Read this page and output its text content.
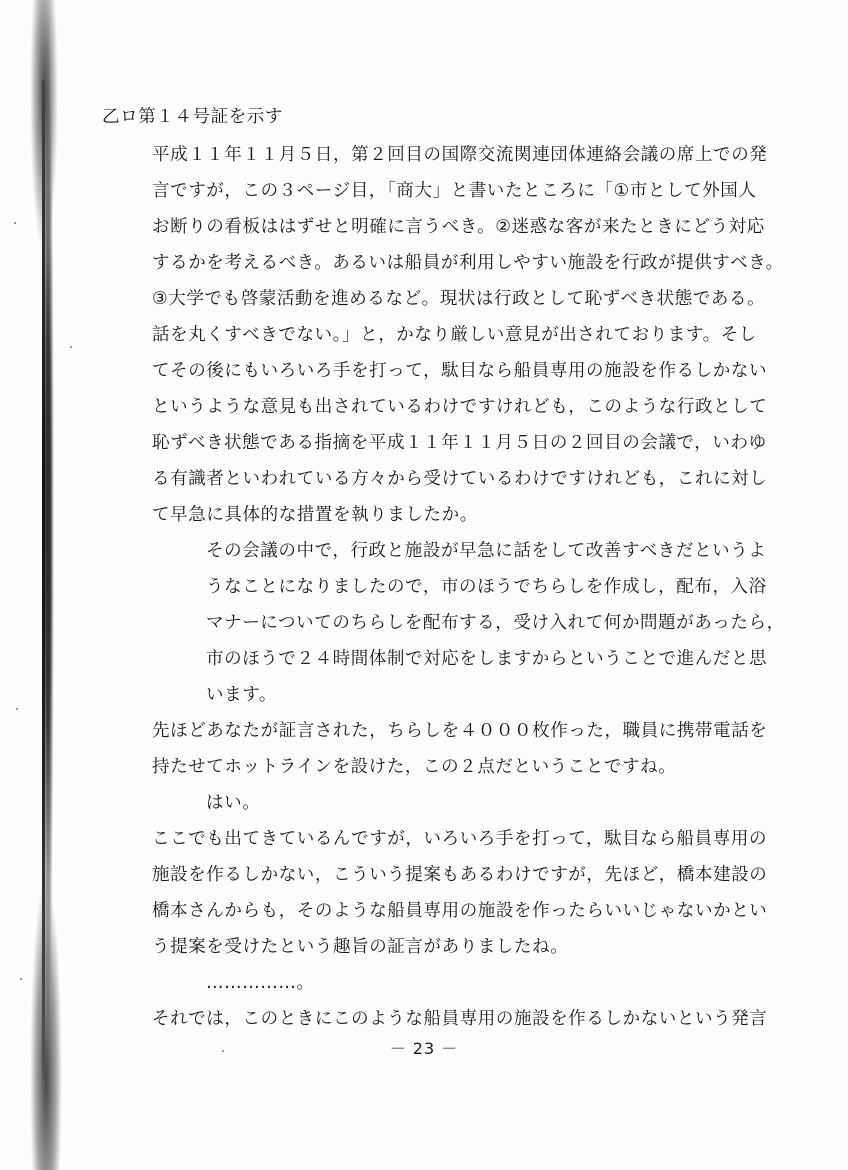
乙ロ第１４号証を示す
平成１１年１１月５日，第２回目の国際交流関連団体連絡会議の席上での発
言ですが，この３ページ目，「商大」と書いたところに「①市として外国人
お断りの看板ははずせと明確に言うべき。②迷惑な客が来たときにどう対応
するかを考えるべき。あるいは船員が利用しやすい施設を行政が提供すべき。
③大学でも啓蒙活動を進めるなど。現状は行政として恥ずべき状態である。
話を丸くすべきでない。」と，かなり厳しい意見が出されております。そし
てその後にもいろいろ手を打って，駄目なら船員専用の施設を作るしかない
というような意見も出されているわけですけれども，このような行政として
恥ずべき状態である指摘を平成１１年１１月５日の２回目の会議で，いわゆ
る有識者といわれている方々から受けているわけですけれども，これに対し
て早急に具体的な措置を執りましたか。
その会議の中で，行政と施設が早急に話をして改善すべきだというよ
うなことになりましたので，市のほうでちらしを作成し，配布，入浴
マナーについてのちらしを配布する，受け入れて何か問題があったら，
市のほうで２４時間体制で対応をしますからということで進んだと思
います。
先ほどあなたが証言された，ちらしを４０００枚作った，職員に携帯電話を
持たせてホットラインを設けた，この２点だということですね。
はい。
ここでも出てきているんですが，いろいろ手を打って，駄目なら船員専用の
施設を作るしかない，こういう提案もあるわけですが，先ほど，橋本建設の
橋本さんからも，そのような船員専用の施設を作ったらいいじゃないかとい
う提案を受けたという趣旨の証言がありましたね。
……………。
それでは，このときにこのような船員専用の施設を作るしかないという発言
－ 23 －
